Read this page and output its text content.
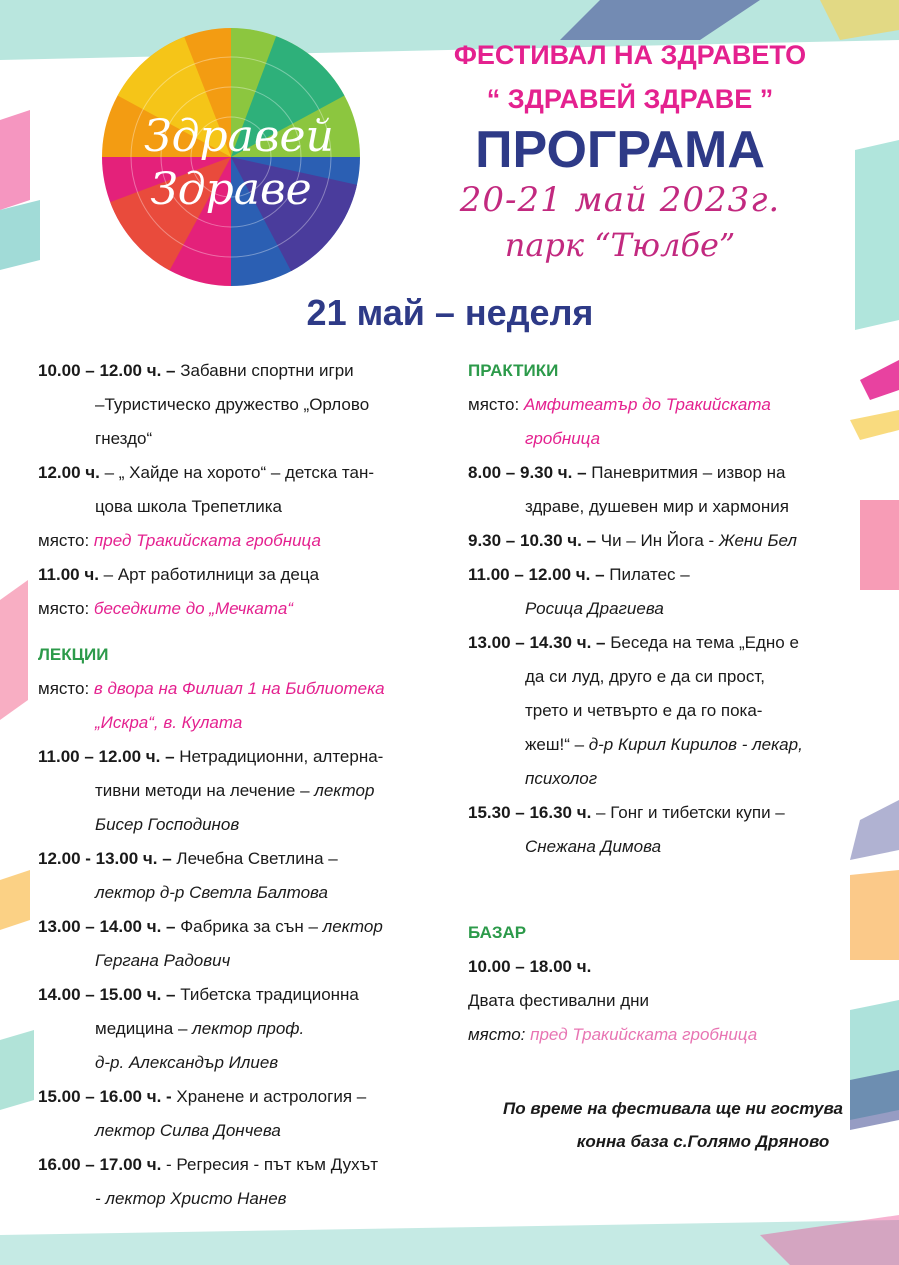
Здравей
Здраве
ФЕСТИВАЛ НА ЗДРАВЕТО
“ ЗДРАВЕЙ ЗДРАВЕ ”
ПРОГРАМА
20-21 май 2023г.
парк “Тюлбе”
21 май – неделя
10.00 – 12.00 ч. – Забавни спортни игри
–Туристическо дружество „Орлово
гнездо“
12.00 ч. – „ Хайде на хорото“ – детска тан-
цова школа Трепетлика
място: пред Тракийската гробница
11.00 ч. – Арт работилници за деца
място: беседките до „Мечката“
ЛЕКЦИИ
място: в двора на Филиал 1 на Библиотека
„Искра“, в. Кулата
11.00 – 12.00 ч. – Нетрадиционни, алтерна-
тивни методи на лечение – лектор
Бисер Господинов
12.00 - 13.00 ч. – Лечебна Светлина –
лектор д-р Светла Балтова
13.00 – 14.00 ч. – Фабрика за сън – лектор
Гергана Радович
14.00 – 15.00 ч. – Тибетска традиционна
медицина – лектор проф.
д-р. Александър Илиев
15.00 – 16.00 ч. - Хранене и астрология –
лектор Силва Дончева
16.00 – 17.00 ч. - Регресия - път към Духът
- лектор Христо Нанев
ПРАКТИКИ
място: Амфитеатър до Тракийската
гробница
8.00 – 9.30 ч. – Паневритмия – извор на
здраве, душевен мир и хармония
9.30 – 10.30 ч. – Чи – Ин Йога - Жени Бел
11.00 – 12.00 ч. – Пилатес –
Росица Драгиева
13.00 – 14.30 ч. – Беседа на тема „Едно е
да си луд, друго е да си прост,
трето и четвърто е да го пока-
жеш!“ – д-р Кирил Кирилов - лекар,
психолог
15.30 – 16.30 ч. – Гонг и тибетски купи –
Снежана Димова
БАЗАР
10.00 – 18.00 ч.
Двата фестивални дни
място: пред Тракийската гробница
По време на фестивала ще ни гостува
конна база с.Голямо Дряново
